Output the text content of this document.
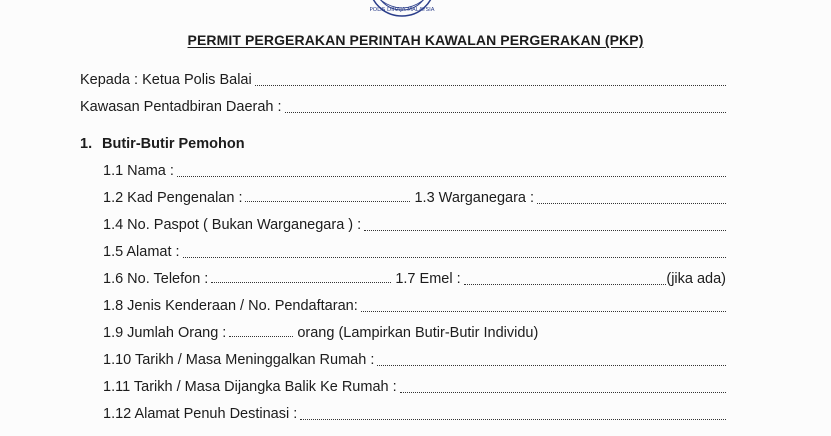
POLIS DIRAJA MALAYSIA
PERMIT PERGERAKAN PERINTAH KAWALAN PERGERAKAN (PKP)
Kepada : Ketua Polis Balai
Kawasan Pentadbiran Daerah :
1. Butir-Butir Pemohon
1.1 Nama :
1.2 Kad Pengenalan :	1.3 Warganegara :
1.4 No. Paspot ( Bukan Warganegara ) :
1.5 Alamat :
1.6 No. Telefon :	1.7 Emel :	(jika ada)
1.8 Jenis Kenderaan / No. Pendaftaran:
1.9 Jumlah Orang :	orang (Lampirkan Butir-Butir Individu)
1.10 Tarikh / Masa Meninggalkan Rumah :
1.11 Tarikh / Masa Dijangka Balik Ke Rumah :
1.12 Alamat Penuh Destinasi :
